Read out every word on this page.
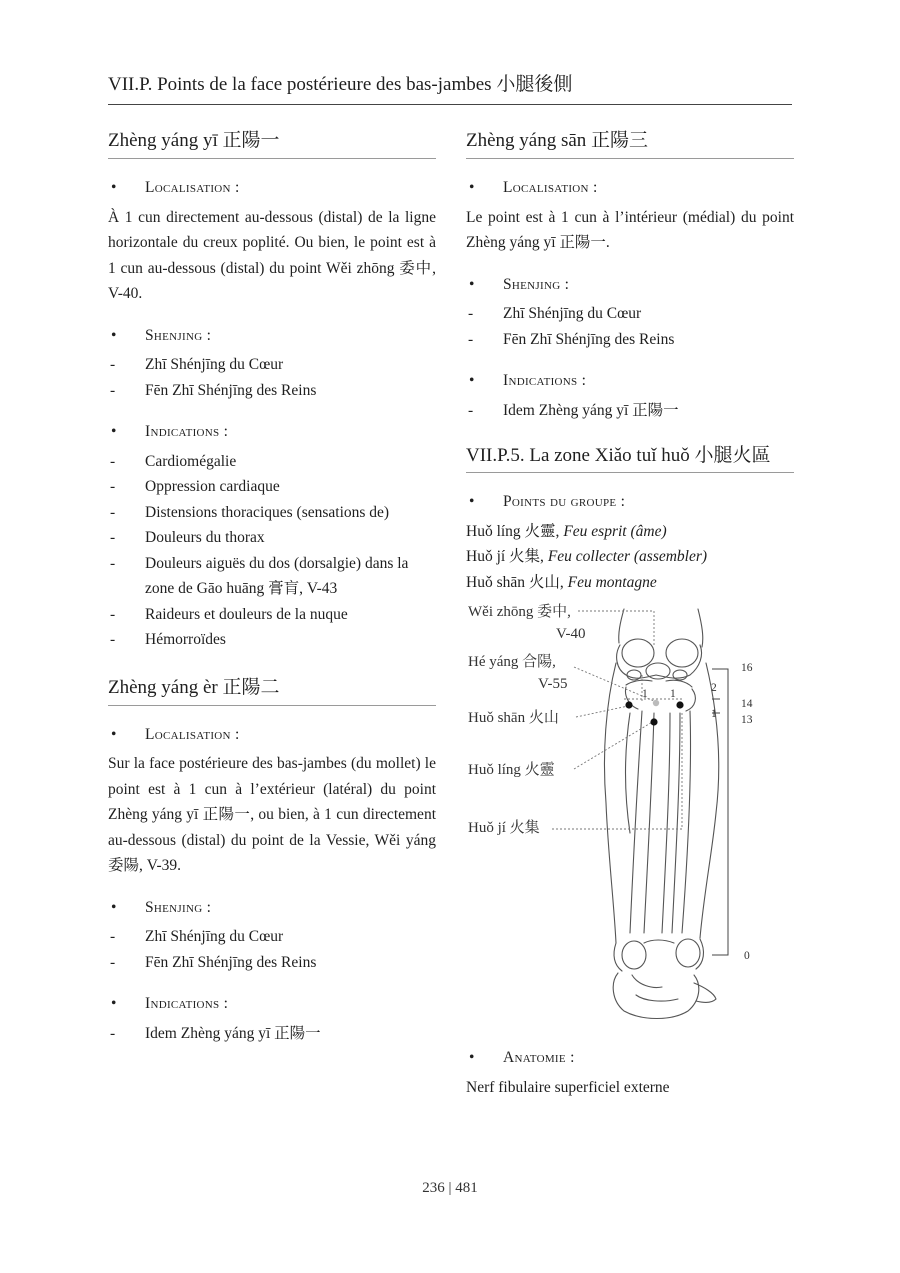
VII.P. Points de la face postérieure des bas-jambes 小腿後側
Zhèng yáng yī 正陽一
•	Localisation :

À 1 cun directement au-dessous (distal) de la ligne horizontale du creux poplité. Ou bien, le point est à 1 cun au-dessous (distal) du point Wěi zhōng 委中, V-40.

•	Shenjing :
-	Zhī Shénjīng du Cœur
-	Fēn Zhī Shénjīng des Reins
•	Indications :
-	Cardiomégalie
-	Oppression cardiaque
-	Distensions thoraciques (sensations de)
-	Douleurs du thorax
-	Douleurs aiguës du dos (dorsalgie) dans la zone de Gāo huāng 膏肓, V-43
-	Raideurs et douleurs de la nuque
-	Hémorroïdes
Zhèng yáng èr 正陽二
•	Localisation :

Sur la face postérieure des bas-jambes (du mollet) le point est à 1 cun à l’extérieur (latéral) du point Zhèng yáng yī 正陽一, ou bien, à 1 cun directement au-dessous (distal) du point de la Vessie, Wěi yáng 委陽, V-39.

•	Shenjing :
-	Zhī Shénjīng du Cœur
-	Fēn Zhī Shénjīng des Reins
•	Indications :
-	Idem Zhèng yáng yī 正陽一
Zhèng yáng sān 正陽三
•	Localisation :

Le point est à 1 cun à l’intérieur (médial) du point Zhèng yáng yī 正陽一.

•	Shenjing :
-	Zhī Shénjīng du Cœur
-	Fēn Zhī Shénjīng des Reins
•	Indications :
-	Idem Zhèng yáng yī 正陽一
VII.P.5. La zone Xiǎo tuǐ huǒ 小腿火區
•	Points du groupe :

Huǒ líng 火靈, Feu esprit (âme)

Huǒ jí 火集, Feu collecter (assembler)

Huǒ shān 火山, Feu montagne

Wěi zhōng 委中,
V-40
Hé yáng 合陽,
V-55
Huǒ shān 火山
Huǒ líng 火靈
Huǒ jí 火集
1 1	2
1
16
14
13
0
•	Anatomie :

Nerf fibulaire superficiel externe

236 | 481
